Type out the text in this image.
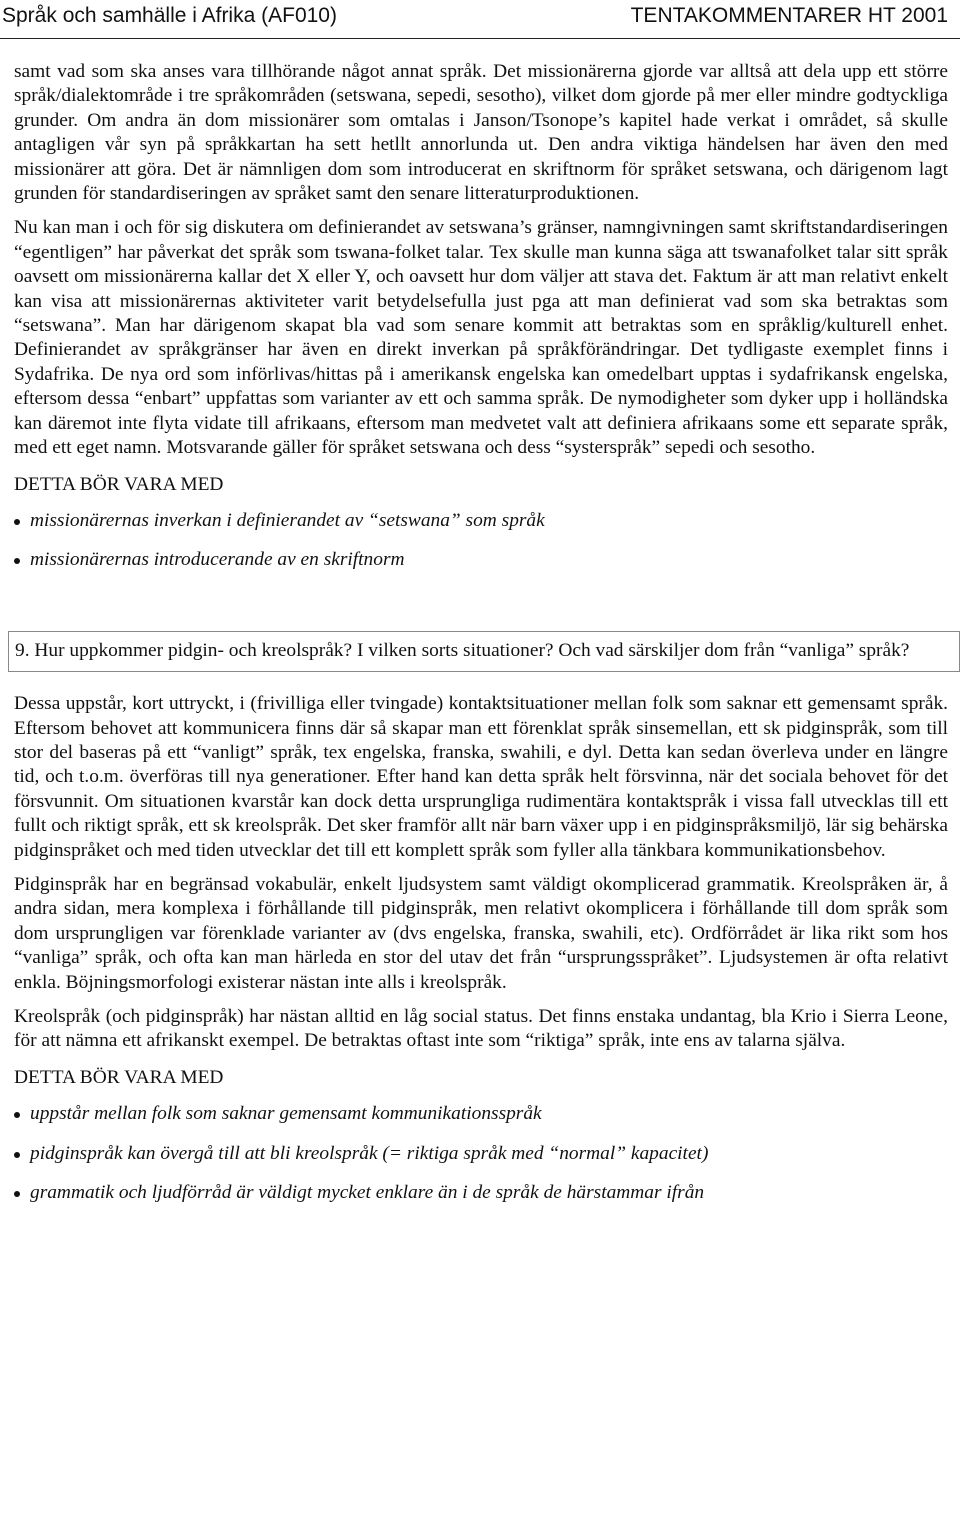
Språk och samhälle i Afrika (AF010)	TENTAKOMMENTARER HT 2001

samt vad som ska anses vara tillhörande något annat språk. Det missionärerna gjorde var alltså att dela upp ett större språk/dialektområde i tre språkområden (setswana, sepedi, sesotho), vilket dom gjorde på mer eller mindre godtyckliga grunder. Om andra än dom missionärer som omtalas i Janson/Tsonope’s kapitel hade verkat i området, så skulle antagligen vår syn på språkkartan ha sett hetllt annorlunda ut. Den andra viktiga händelsen har även den med missionärer att göra. Det är nämnligen dom som introducerat en skriftnorm för språket setswana, och därigenom lagt grunden för standardiseringen av språket samt den senare litteraturproduktionen.

Nu kan man i och för sig diskutera om definierandet av setswana’s gränser, namngivningen samt skriftstandardiseringen “egentligen” har påverkat det språk som tswana-folket talar. Tex skulle man kunna säga att tswanafolket talar sitt språk oavsett om missionärerna kallar det X eller Y, och oavsett hur dom väljer att stava det. Faktum är att man relativt enkelt kan visa att missionärernas aktiviteter varit betydelsefulla just pga att man definierat vad som ska betraktas som “setswana”. Man har därigenom skapat bla vad som senare kommit att betraktas som en språklig/kulturell enhet. Definierandet av språkgränser har även en direkt inverkan på språkförändringar. Det tydligaste exemplet finns i Sydafrika. De nya ord som införlivas/hittas på i amerikansk engelska kan omedelbart upptas i sydafrikansk engelska, eftersom dessa “enbart” uppfattas som varianter av ett och samma språk. De nymodigheter som dyker upp i holländska kan däremot inte flyta vidate till afrikaans, eftersom man medvetet valt att definiera afrikaans some ett separate språk, med ett eget namn. Motsvarande gäller för språket setswana och dess “systerspråk” sepedi och sesotho.

DETTA BÖR VARA MED
missionärernas inverkan i definierandet av “setswana” som språk
missionärernas introducerande av en skriftnorm
9. Hur uppkommer pidgin- och kreolspråk? I vilken sorts situationer? Och vad särskiljer dom från “vanliga” språk?

Dessa uppstår, kort uttryckt, i (frivilliga eller tvingade) kontaktsituationer mellan folk som saknar ett gemensamt språk. Eftersom behovet att kommunicera finns där så skapar man ett förenklat språk sinsemellan, ett sk pidginspråk, som till stor del baseras på ett “vanligt” språk, tex engelska, franska, swahili, e dyl. Detta kan sedan överleva under en längre tid, och t.o.m. överföras till nya generationer. Efter hand kan detta språk helt försvinna, när det sociala behovet för det försvunnit. Om situationen kvarstår kan dock detta ursprungliga rudimentära kontaktspråk i vissa fall utvecklas till ett fullt och riktigt språk, ett sk kreolspråk. Det sker framför allt när barn växer upp i en pidginspråksmiljö, lär sig behärska pidginspråket och med tiden utvecklar det till ett komplett språk som fyller alla tänkbara kommunikationsbehov.

Pidginspråk har en begränsad vokabulär, enkelt ljudsystem samt väldigt okomplicerad grammatik. Kreolspråken är, å andra sidan, mera komplexa i förhållande till pidginspråk, men relativt okomplicera i förhållande till dom språk som dom ursprungligen var förenklade varianter av (dvs engelska, franska, swahili, etc). Ordförrådet är lika rikt som hos “vanliga” språk, och ofta kan man härleda en stor del utav det från “ursprungsspråket”. Ljudsystemen är ofta relativt enkla. Böjningsmorfologi existerar nästan inte alls i kreolspråk.

Kreolspråk (och pidginspråk) har nästan alltid en låg social status. Det finns enstaka undantag, bla Krio i Sierra Leone, för att nämna ett afrikanskt exempel. De betraktas oftast inte som “riktiga” språk, inte ens av talarna själva.

DETTA BÖR VARA MED
uppstår mellan folk som saknar gemensamt kommunikationsspråk
pidginspråk kan övergå till att bli kreolspråk (= riktiga språk med “normal” kapacitet)
grammatik och ljudförråd är väldigt mycket enklare än i de språk de härstammar ifrån
